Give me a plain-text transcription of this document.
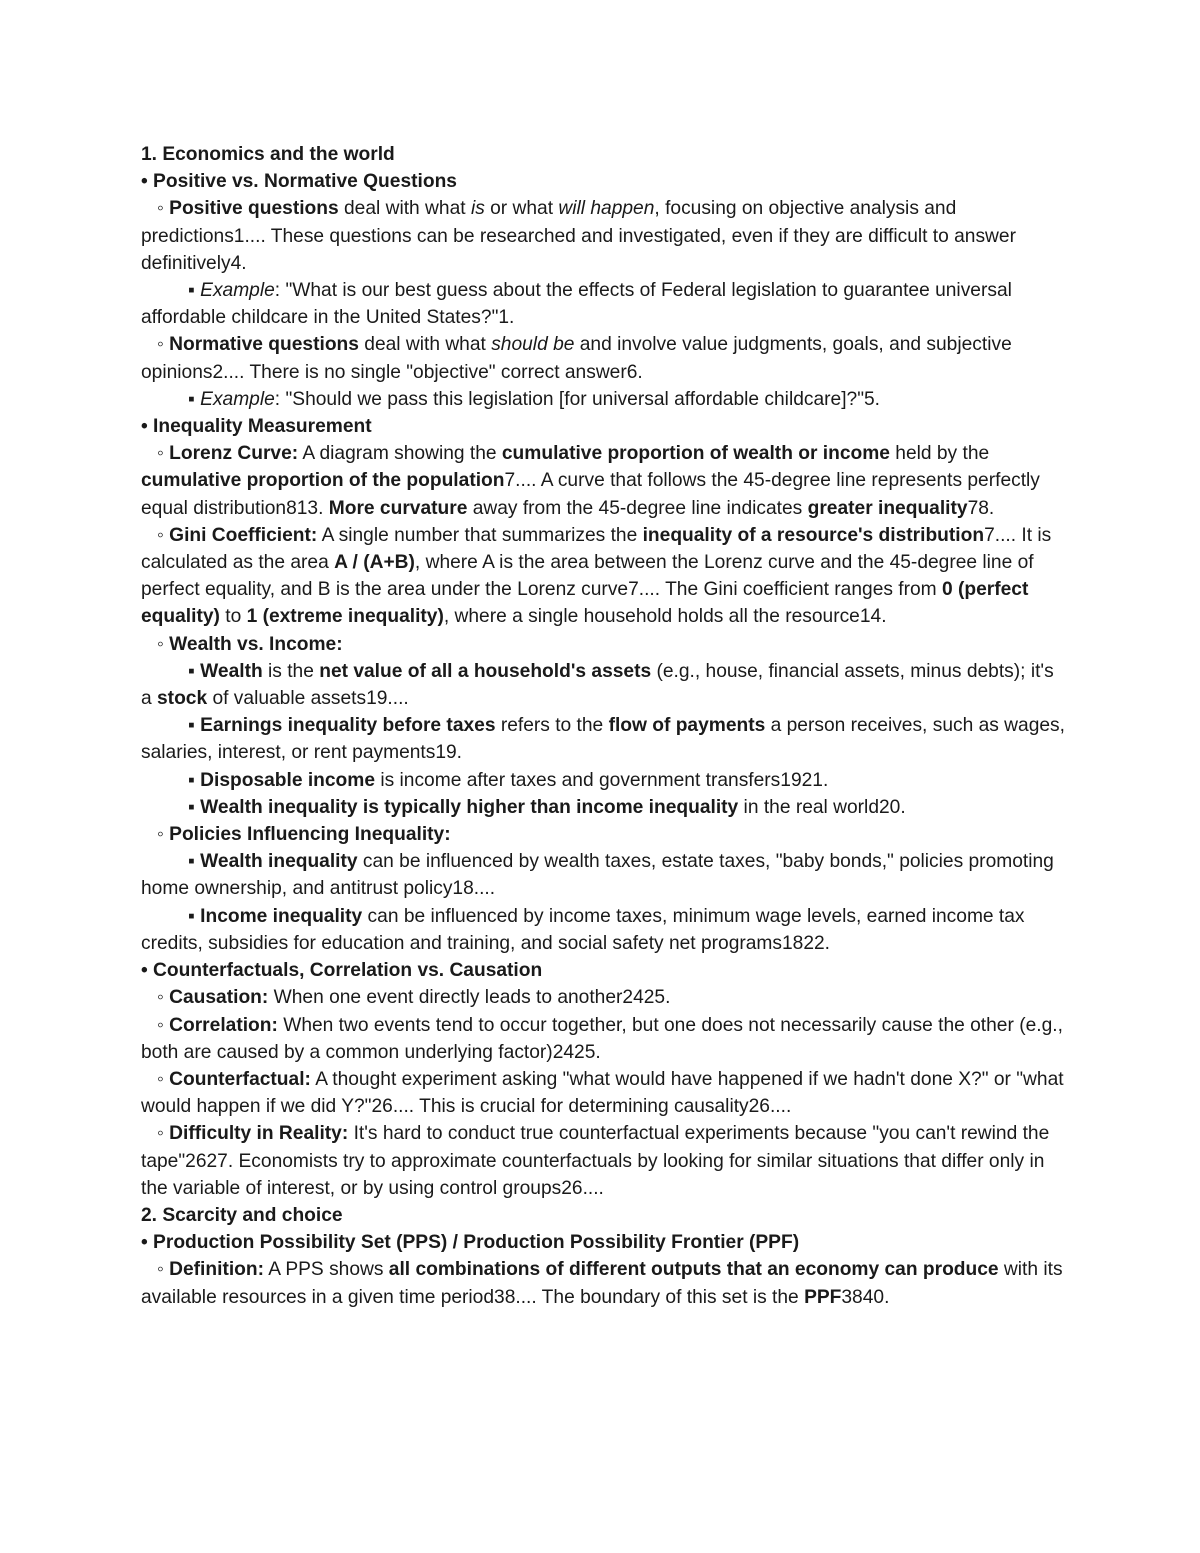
1. Economics and the world

• Positive vs. Normative Questions

◦ Positive questions deal with what is or what will happen, focusing on objective analysis and predictions1.... These questions can be researched and investigated, even if they are difficult to answer definitively4.

▪ Example: "What is our best guess about the effects of Federal legislation to guarantee universal affordable childcare in the United States?"1.

◦ Normative questions deal with what should be and involve value judgments, goals, and subjective opinions2.... There is no single "objective" correct answer6.

▪ Example: "Should we pass this legislation [for universal affordable childcare]?"5.

• Inequality Measurement

◦ Lorenz Curve: A diagram showing the cumulative proportion of wealth or income held by the cumulative proportion of the population7.... A curve that follows the 45-degree line represents perfectly equal distribution813. More curvature away from the 45-degree line indicates greater inequality78.

◦ Gini Coefficient: A single number that summarizes the inequality of a resource's distribution7.... It is calculated as the area A / (A+B), where A is the area between the Lorenz curve and the 45-degree line of perfect equality, and B is the area under the Lorenz curve7.... The Gini coefficient ranges from 0 (perfect equality) to 1 (extreme inequality), where a single household holds all the resource14.

◦ Wealth vs. Income:

▪ Wealth is the net value of all a household's assets (e.g., house, financial assets, minus debts); it's a stock of valuable assets19....

▪ Earnings inequality before taxes refers to the flow of payments a person receives, such as wages, salaries, interest, or rent payments19.

▪ Disposable income is income after taxes and government transfers1921.

▪ Wealth inequality is typically higher than income inequality in the real world20.

◦ Policies Influencing Inequality:

▪ Wealth inequality can be influenced by wealth taxes, estate taxes, "baby bonds," policies promoting home ownership, and antitrust policy18....

▪ Income inequality can be influenced by income taxes, minimum wage levels, earned income tax credits, subsidies for education and training, and social safety net programs1822.

• Counterfactuals, Correlation vs. Causation

◦ Causation: When one event directly leads to another2425.

◦ Correlation: When two events tend to occur together, but one does not necessarily cause the other (e.g., both are caused by a common underlying factor)2425.

◦ Counterfactual: A thought experiment asking "what would have happened if we hadn't done X?" or "what would happen if we did Y?"26.... This is crucial for determining causality26....

◦ Difficulty in Reality: It's hard to conduct true counterfactual experiments because "you can't rewind the tape"2627. Economists try to approximate counterfactuals by looking for similar situations that differ only in the variable of interest, or by using control groups26....

2. Scarcity and choice

• Production Possibility Set (PPS) / Production Possibility Frontier (PPF)

◦ Definition: A PPS shows all combinations of different outputs that an economy can produce with its available resources in a given time period38.... The boundary of this set is the PPF3840.
